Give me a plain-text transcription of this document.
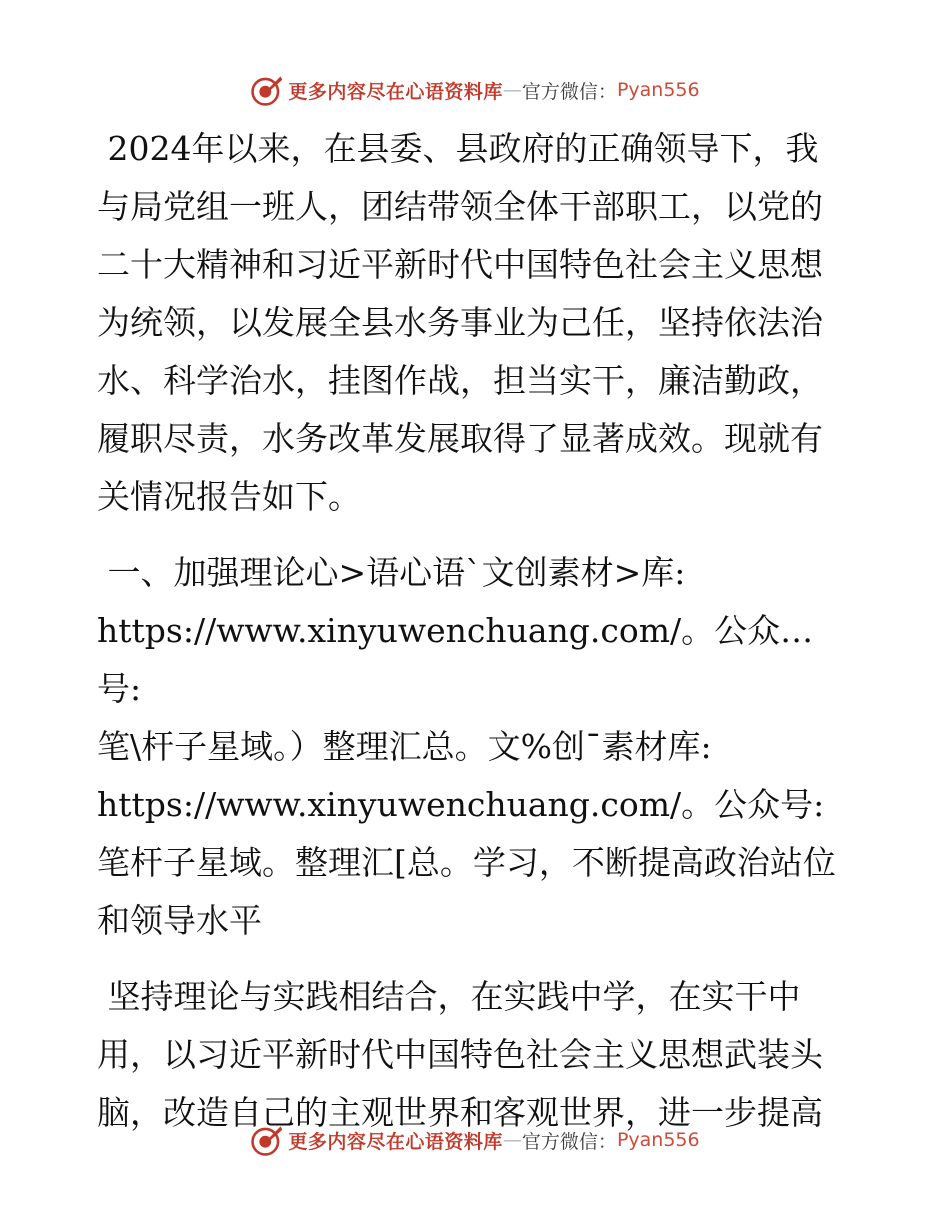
更多内容尽在心语资料库 — 官方微信： Pyan556

2024年以来，在县委、县政府的正确领导下，我与局党组一班人，团结带领全体干部职工，以党的二十大精神和习近平新时代中国特色社会主义思想为统领，以发展全县水务事业为己任，坚持依法治水、科学治水，挂图作战，担当实干，廉洁勤政，履职尽责，水务改革发展取得了显著成效。现就有关情况报告如下。

一、加强理论心>语心语`文创素材>库:
https://www.xinyuwenchuang.com/。公众…号:
笔\杆子星域。）整理汇总。文%创¯素材库:
https://www.xinyuwenchuang.com/。公众号: 笔杆子星域。整理汇[总。学习，不断提高政治站位和领导水平

坚持理论与实践相结合，在实践中学，在实干中用，以习近平新时代中国特色社会主义思想武装头脑，改造自己的主观世界和客观世界，进一步提高

更多内容尽在心语资料库 — 官方微信： Pyan556
